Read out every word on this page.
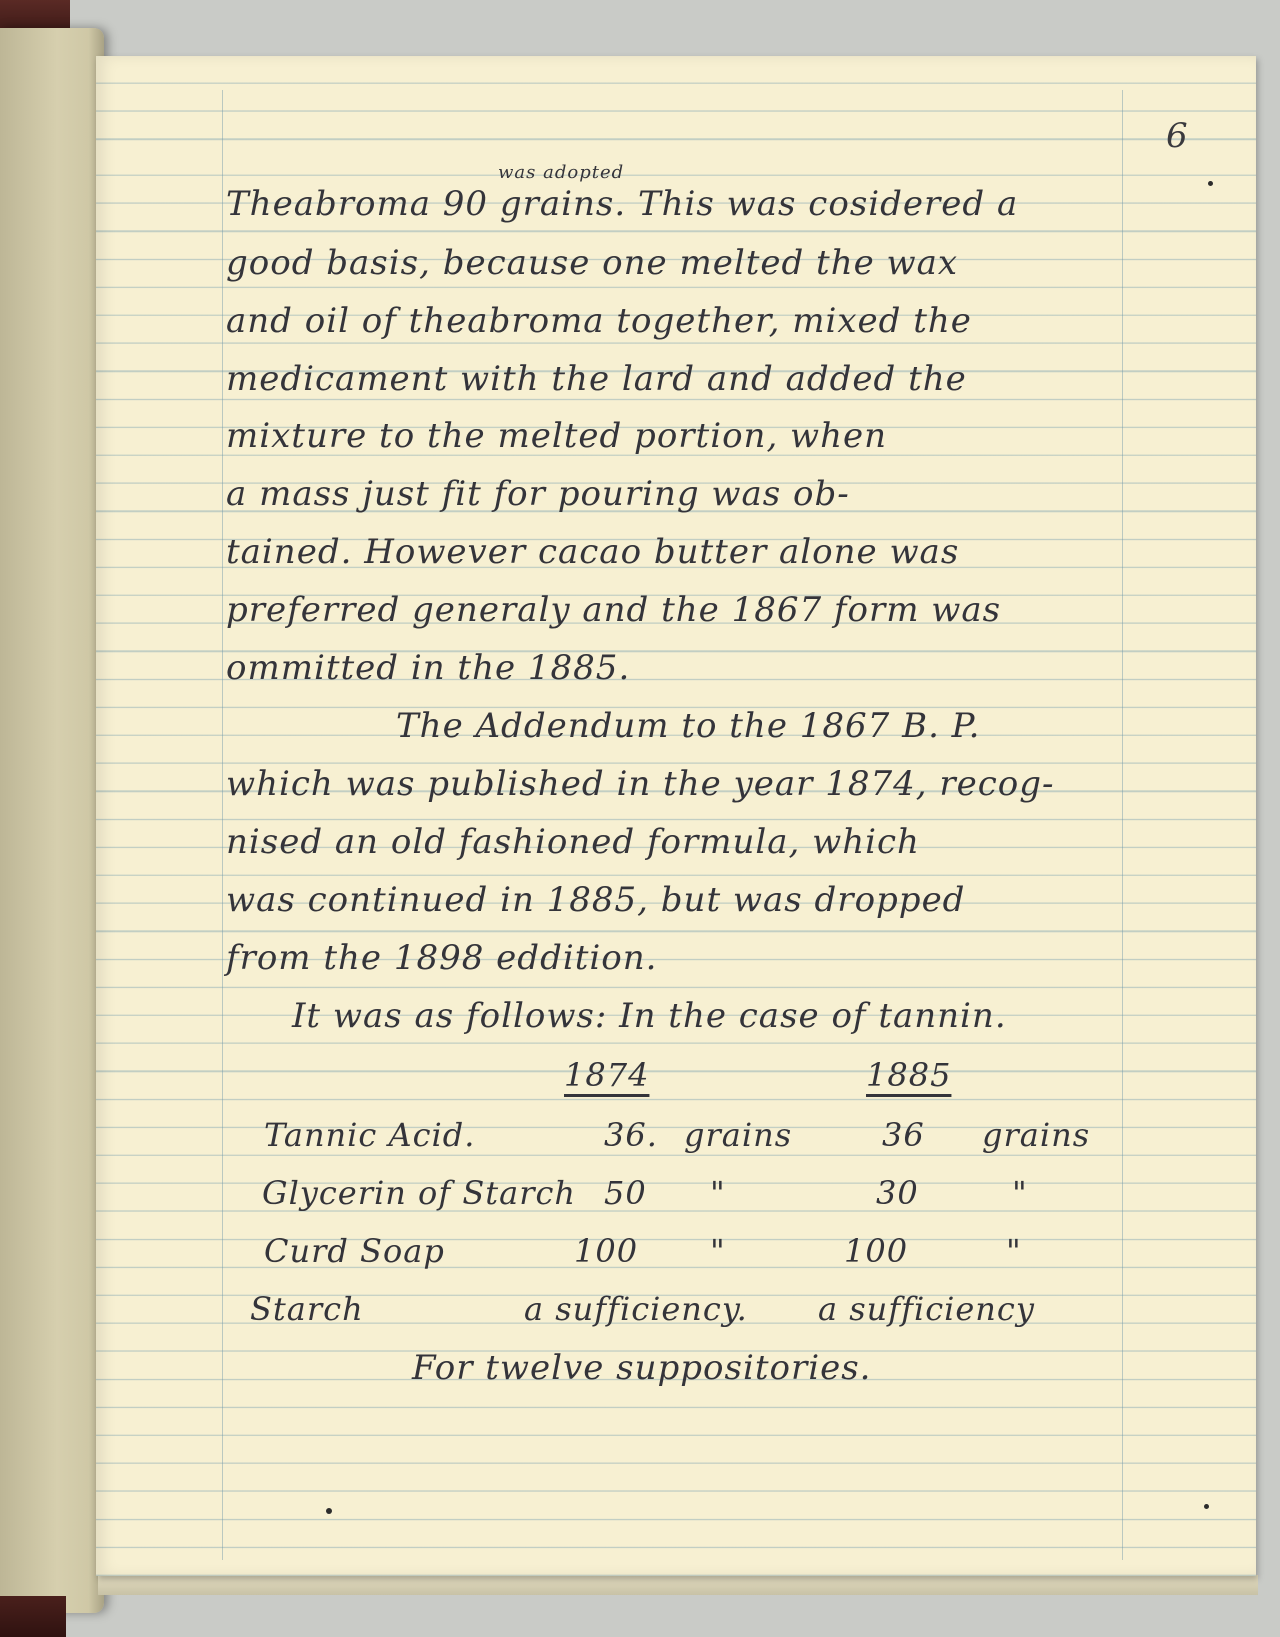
6
was adopted
Theabroma 90 grains. This was cosidered a
good basis, because one melted the wax
and oil of theabroma together, mixed the
medicament with the lard and added the
mixture to the melted portion, when
a mass just fit for pouring was ob-
tained. However cacao butter alone was
preferred generaly and the 1867 form was
ommitted in the 1885.
The Addendum to the 1867 B. P.
which was published in the year 1874, recog-
nised an old fashioned formula, which
was continued in 1885, but was dropped
from the 1898 eddition.
It was as follows: In the case of tannin.
1874	1885
Tannic Acid.	36. grains	36 grains
Glycerin of Starch 50 "	30	"
Curd Soap	100 "	100	"
Starch	a sufficiency. a sufficiency
For twelve suppositories.
